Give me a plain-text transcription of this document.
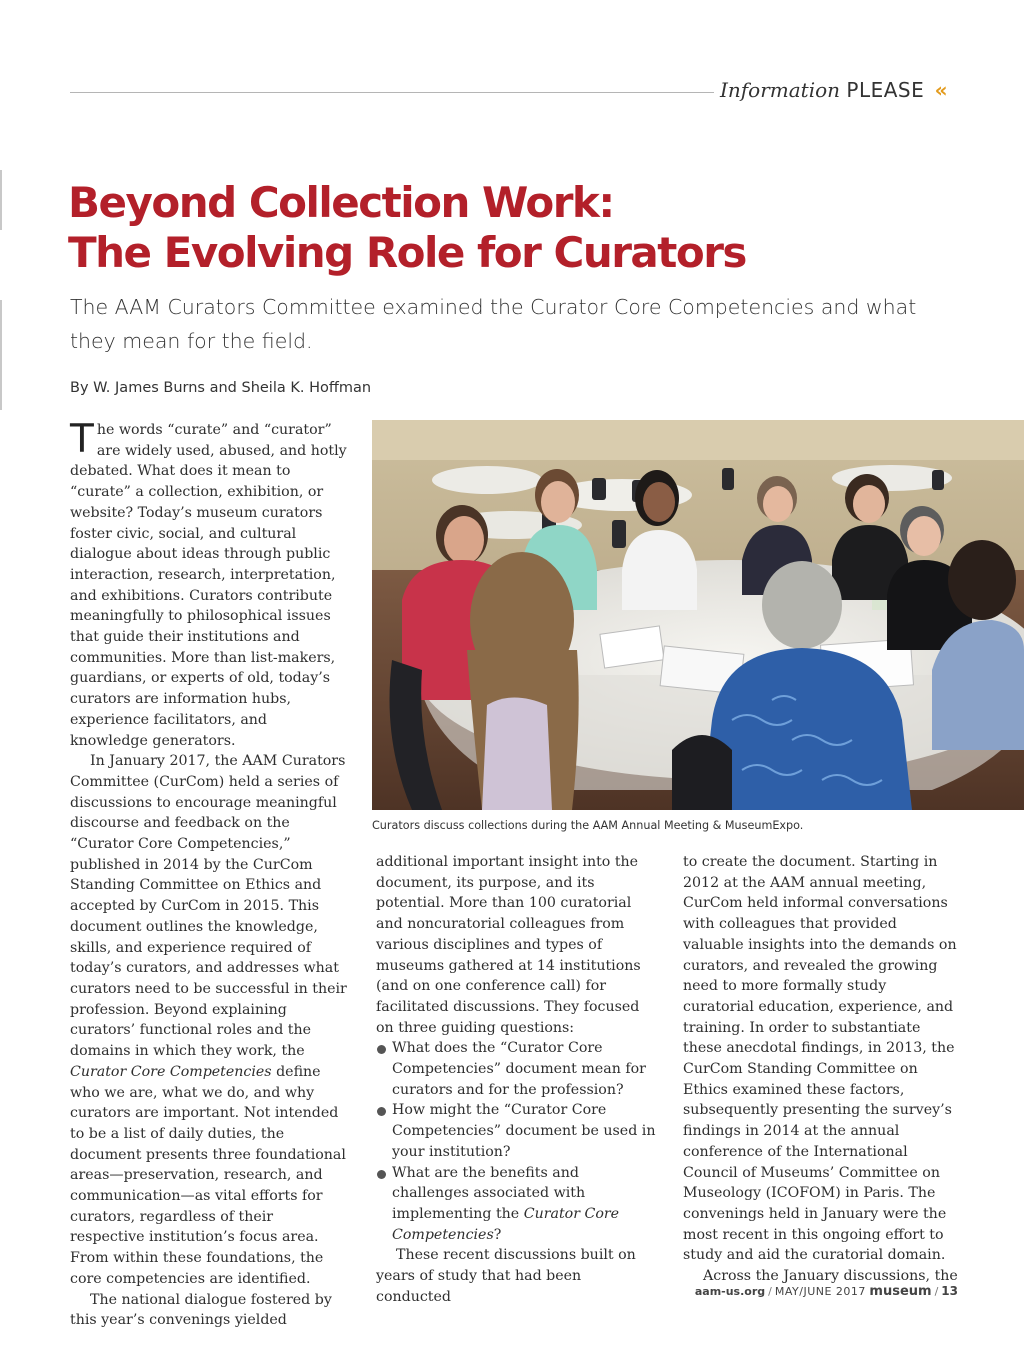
Information PLEASE «
Beyond Collection Work:
The Evolving Role for Curators

The AAM Curators Committee examined the Curator Core Competencies and what they mean for the field.

By W. James Burns and Sheila K. Hoffman

The words “curate” and “curator” are widely used, abused, and hotly debated. What does it mean to “curate” a collection, exhibition, or website? Today’s museum curators foster civic, social, and cultural dialogue about ideas through public interaction, research, interpretation, and exhibitions. Curators contribute meaningfully to philosophical issues that guide their institutions and communities. More than list-makers, guardians, or experts of old, today’s curators are information hubs, experience facilitators, and knowledge generators.

In January 2017, the AAM Curators Committee (CurCom) held a series of discussions to encourage meaningful discourse and feedback on the “Curator Core Competencies,” published in 2014 by the CurCom Standing Committee on Ethics and accepted by CurCom in 2015. This document outlines the knowledge, skills, and experience required of today’s curators, and addresses what curators need to be successful in their profession. Beyond explaining curators’ functional roles and the domains in which they work, the Curator Core Competencies define who we are, what we do, and why curators are important. Not intended to be a list of daily duties, the document presents three foundational areas—preservation, research, and communication—as vital efforts for curators, regardless of their respective institution’s focus area. From within these foundations, the core competencies are identified.

The national dialogue fostered by this year’s convenings yielded

Curators discuss collections during the AAM Annual Meeting & MuseumExpo.

additional important insight into the document, its purpose, and its potential. More than 100 curatorial and noncuratorial colleagues from various disciplines and types of museums gathered at 14 institutions (and on one conference call) for facilitated discussions. They focused on three guiding questions:

What does the “Curator Core Competencies” document mean for curators and for the profession?
How might the “Curator Core Competencies” document be used in your institution?
What are the benefits and challenges associated with implementing the Curator Core Competencies?

These recent discussions built on years of study that had been conducted

to create the document. Starting in 2012 at the AAM annual meeting, CurCom held informal conversations with colleagues that provided valuable insights into the demands on curators, and revealed the growing need to more formally study curatorial education, experience, and training. In order to substantiate these anecdotal findings, in 2013, the CurCom Standing Committee on Ethics examined these factors, subsequently presenting the survey’s findings in 2014 at the annual conference of the International Council of Museums’ Committee on Museology (ICOFOM) in Paris. The convenings held in January were the most recent in this ongoing effort to study and aid the curatorial domain.

Across the January discussions, the

aam-us.org / MAY/JUNE 2017 museum / 13
